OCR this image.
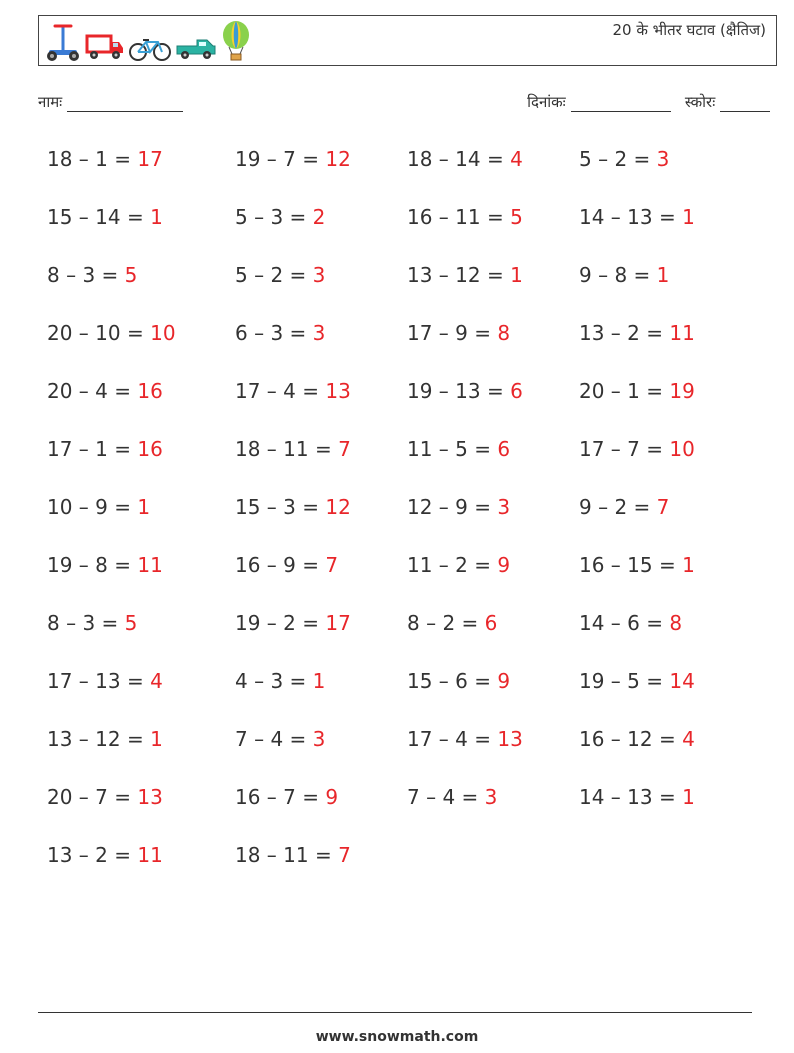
20 के भीतर घटाव (क्षैतिज)
नामः	दिनांकः	स्कोरः
18 – 1 = 17
15 – 14 = 1
8 – 3 = 5
20 – 10 = 10
20 – 4 = 16
17 – 1 = 16
10 – 9 = 1
19 – 8 = 11
8 – 3 = 5
17 – 13 = 4
13 – 12 = 1
20 – 7 = 13
13 – 2 = 11
19 – 7 = 12
5 – 3 = 2
5 – 2 = 3
6 – 3 = 3
17 – 4 = 13
18 – 11 = 7
15 – 3 = 12
16 – 9 = 7
19 – 2 = 17
4 – 3 = 1
7 – 4 = 3
16 – 7 = 9
18 – 11 = 7
18 – 14 = 4
16 – 11 = 5
13 – 12 = 1
17 – 9 = 8
19 – 13 = 6
11 – 5 = 6
12 – 9 = 3
11 – 2 = 9
8 – 2 = 6
15 – 6 = 9
17 – 4 = 13
7 – 4 = 3
5 – 2 = 3
14 – 13 = 1
9 – 8 = 1
13 – 2 = 11
20 – 1 = 19
17 – 7 = 10
9 – 2 = 7
16 – 15 = 1
14 – 6 = 8
19 – 5 = 14
16 – 12 = 4
14 – 13 = 1
www.snowmath.com
